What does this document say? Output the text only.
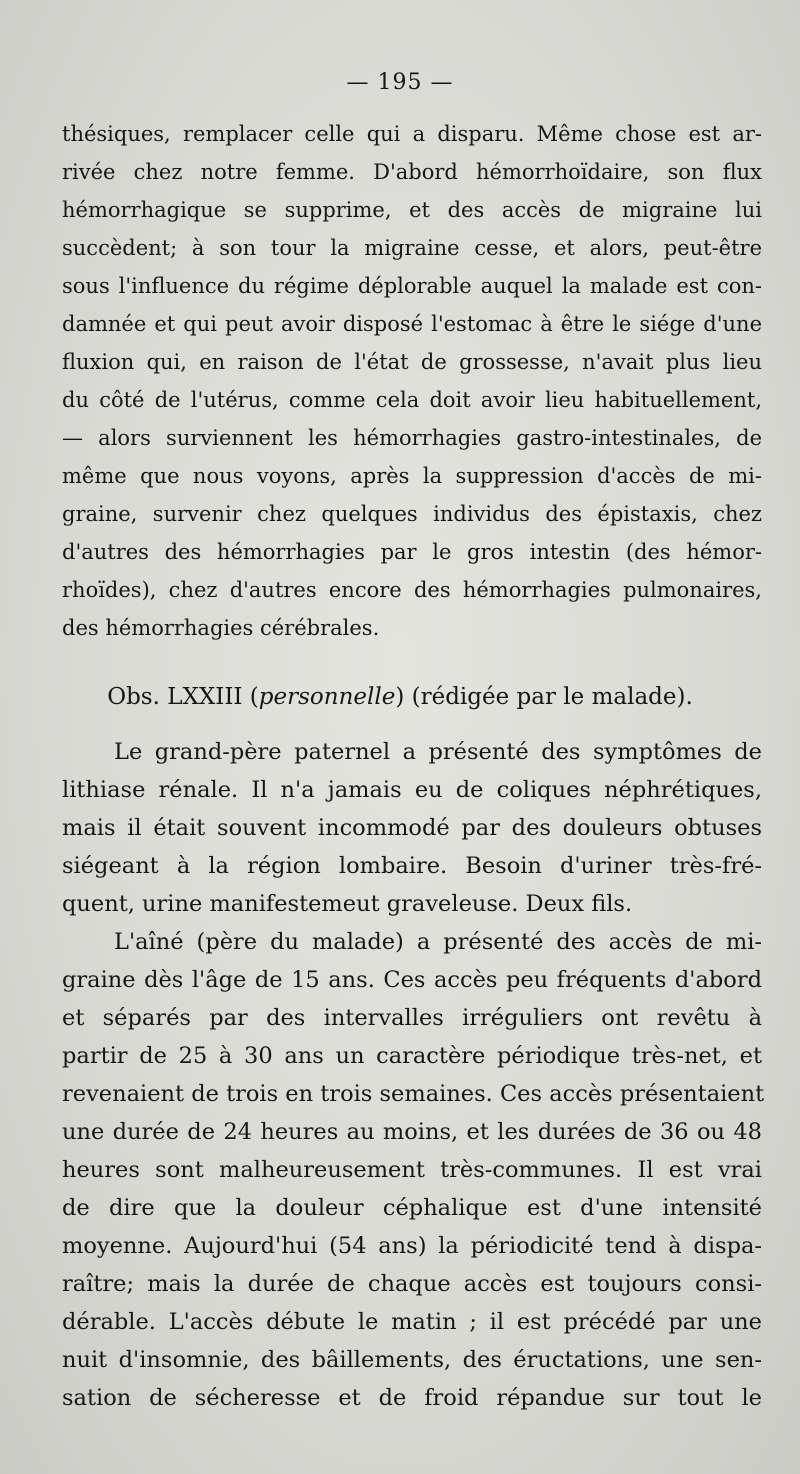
— 195 —
thésiques, remplacer celle qui a disparu. Même chose est ar-
rivée chez notre femme. D'abord hémorrhoïdaire, son flux
hémorrhagique se supprime, et des accès de migraine lui
succèdent; à son tour la migraine cesse, et alors, peut-être
sous l'influence du régime déplorable auquel la malade est con-
damnée et qui peut avoir disposé l'estomac à être le siége d'une
fluxion qui, en raison de l'état de grossesse, n'avait plus lieu
du côté de l'utérus, comme cela doit avoir lieu habituellement,
— alors surviennent les hémorrhagies gastro-intestinales, de
même que nous voyons, après la suppression d'accès de mi-
graine, survenir chez quelques individus des épistaxis, chez
d'autres des hémorrhagies par le gros intestin (des hémor-
rhoïdes), chez d'autres encore des hémorrhagies pulmonaires,
des hémorrhagies cérébrales.
Obs. LXXIII (personnelle) (rédigée par le malade).
Le grand-père paternel a présenté des symptômes de
lithiase rénale. Il n'a jamais eu de coliques néphrétiques,
mais il était souvent incommodé par des douleurs obtuses
siégeant à la région lombaire. Besoin d'uriner très-fré-
quent, urine manifestemeut graveleuse. Deux fils.
L'aîné (père du malade) a présenté des accès de mi-
graine dès l'âge de 15 ans. Ces accès peu fréquents d'abord
et séparés par des intervalles irréguliers ont revêtu à
partir de 25 à 30 ans un caractère périodique très-net, et
revenaient de trois en trois semaines. Ces accès présentaient
une durée de 24 heures au moins, et les durées de 36 ou 48
heures sont malheureusement très-communes. Il est vrai
de dire que la douleur céphalique est d'une intensité
moyenne. Aujourd'hui (54 ans) la périodicité tend à dispa-
raître; mais la durée de chaque accès est toujours consi-
dérable. L'accès débute le matin ; il est précédé par une
nuit d'insomnie, des bâillements, des éructations, une sen-
sation de sécheresse et de froid répandue sur tout le
